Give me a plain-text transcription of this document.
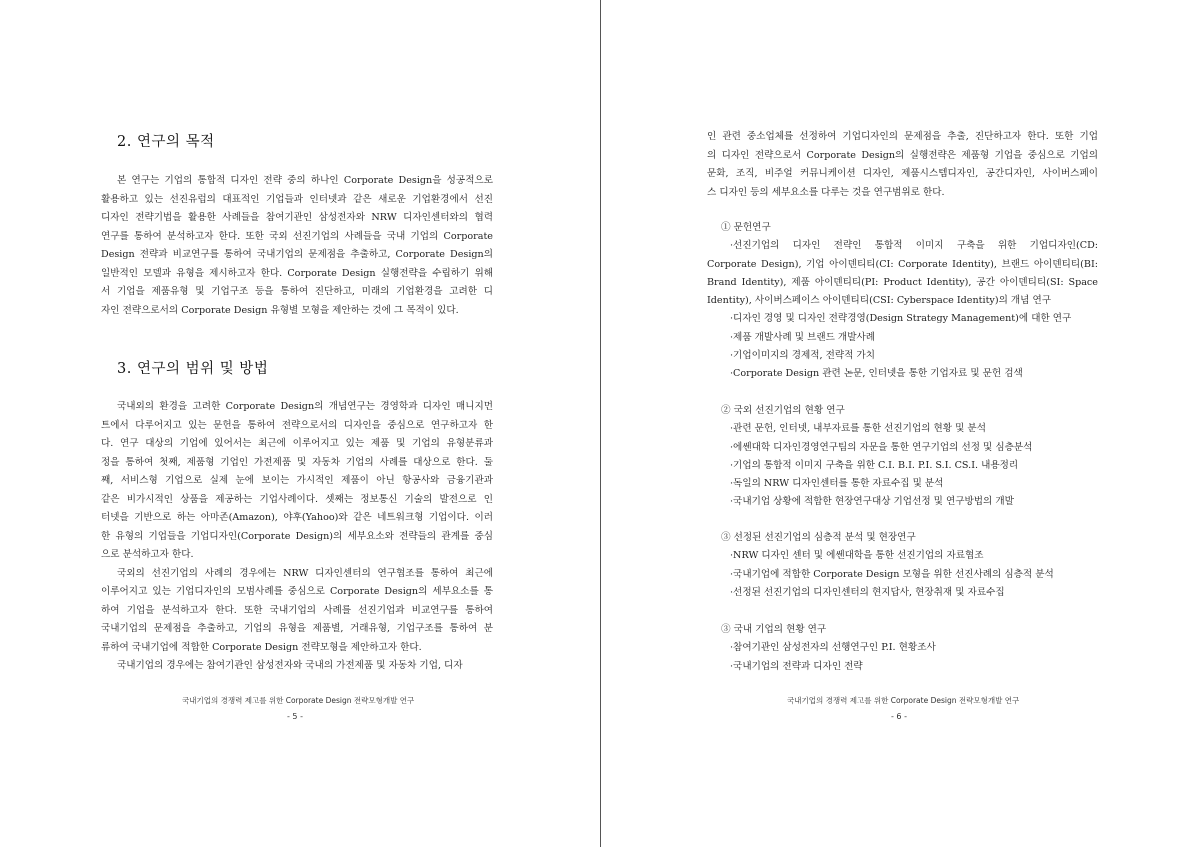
2. 연구의 목적
본 연구는 기업의 통합적 디자인 전략 중의 하나인 Corporate Design을 성공적으로
활용하고 있는 선진유럽의 대표적인 기업들과 인터넷과 같은 새로운 기업환경에서 선진
디자인 전략기법을 활용한 사례들을 참여기관인 삼성전자와 NRW 디자인센터와의 협력
연구를 통하여 분석하고자 한다. 또한 국외 선진기업의 사례들을 국내 기업의 Corporate
Design 전략과 비교연구를 통하여 국내기업의 문제점을 추출하고, Corporate Design의
일반적인 모델과 유형을 제시하고자 한다. Corporate Design 실행전략을 수립하기 위해
서 기업을 제품유형 및 기업구조 등을 통하여 진단하고, 미래의 기업환경을 고려한 디
자인 전략으로서의 Corporate Design 유형별 모형을 제안하는 것에 그 목적이 있다.
3. 연구의 범위 및 방법
국내외의 환경을 고려한 Corporate Design의 개념연구는 경영학과 디자인 매니지먼
트에서 다루어지고 있는 문헌을 통하여 전략으로서의 디자인을 중심으로 연구하고자 한
다. 연구 대상의 기업에 있어서는 최근에 이루어지고 있는 제품 및 기업의 유형분류과
정을 통하여 첫째, 제품형 기업인 가전제품 및 자동차 기업의 사례를 대상으로 한다. 둘
째, 서비스형 기업으로 실제 눈에 보이는 가시적인 제품이 아닌 항공사와 금융기관과
같은 비가시적인 상품을 제공하는 기업사례이다. 셋째는 정보통신 기술의 발전으로 인
터넷을 기반으로 하는 아마존(Amazon), 야후(Yahoo)와 같은 네트워크형 기업이다. 이러
한 유형의 기업들을 기업디자인(Corporate Design)의 세부요소와 전략들의 관계를 중심
으로 분석하고자 한다.
국외의 선진기업의 사례의 경우에는 NRW 디자인센터의 연구협조를 통하여 최근에
이루어지고 있는 기업디자인의 모범사례를 중심으로 Corporate Design의 세부요소를 통
하여 기업을 분석하고자 한다. 또한 국내기업의 사례를 선진기업과 비교연구를 통하여
국내기업의 문제점을 추출하고, 기업의 유형을 제품별, 거래유형, 기업구조를 통하여 분
류하여 국내기업에 적합한 Corporate Design 전략모형을 제안하고자 한다.
국내기업의 경우에는 참여기관인 삼성전자와 국내의 가전제품 및 자동차 기업, 디자
국내기업의 경쟁력 제고를 위한 Corporate Design 전략모형개발 연구
- 5 -
인 관련 중소업체를 선정하여 기업디자인의 문제점을 추출, 진단하고자 한다. 또한 기업
의 디자인 전략으로서 Corporate Design의 실행전략은 제품형 기업을 중심으로 기업의
문화, 조직, 비주얼 커뮤니케이션 디자인, 제품시스템디자인, 공간디자인, 사이버스페이
스 디자인 등의 세부요소를 다루는 것을 연구범위로 한다.
① 문헌연구
·선진기업의 디자인 전략인 통합적 이미지 구축을 위한 기업디자인(CD:
Corporate Design), 기업 아이덴티티(CI: Corporate Identity), 브랜드 아이덴티티(BI:
Brand Identity), 제품 아이덴티티(PI: Product Identity), 공간 아이덴티티(SI: Space
Identity), 사이버스페이스 아이덴티티(CSI: Cyberspace Identity)의 개념 연구
·디자인 경영 및 디자인 전략경영(Design Strategy Management)에 대한 연구
·제품 개발사례 및 브랜드 개발사례
·기업이미지의 경제적, 전략적 가치
·Corporate Design 관련 논문, 인터넷을 통한 기업자료 및 문헌 검색
② 국외 선진기업의 현황 연구
·관련 문헌, 인터넷, 내부자료를 통한 선진기업의 현황 및 분석
·에쎈대학 디자인경영연구팀의 자문을 통한 연구기업의 선정 및 심층분석
·기업의 통합적 이미지 구축을 위한 C.I. B.I. P.I. S.I. CS.I. 내용정리
·독일의 NRW 디자인센터를 통한 자료수집 및 분석
·국내기업 상황에 적합한 현장연구대상 기업선정 및 연구방법의 개발
③ 선정된 선진기업의 심층적 분석 및 현장연구
·NRW 디자인 센터 및 에쎈대학을 통한 선진기업의 자료협조
·국내기업에 적합한 Corporate Design 모형을 위한 선진사례의 심층적 분석
·선정된 선진기업의 디자인센터의 현지답사, 현장취재 및 자료수집
③ 국내 기업의 현황 연구
·참여기관인 삼성전자의 선행연구인 P.I. 현황조사
·국내기업의 전략과 디자인 전략
국내기업의 경쟁력 제고를 위한 Corporate Design 전략모형개발 연구
- 6 -
